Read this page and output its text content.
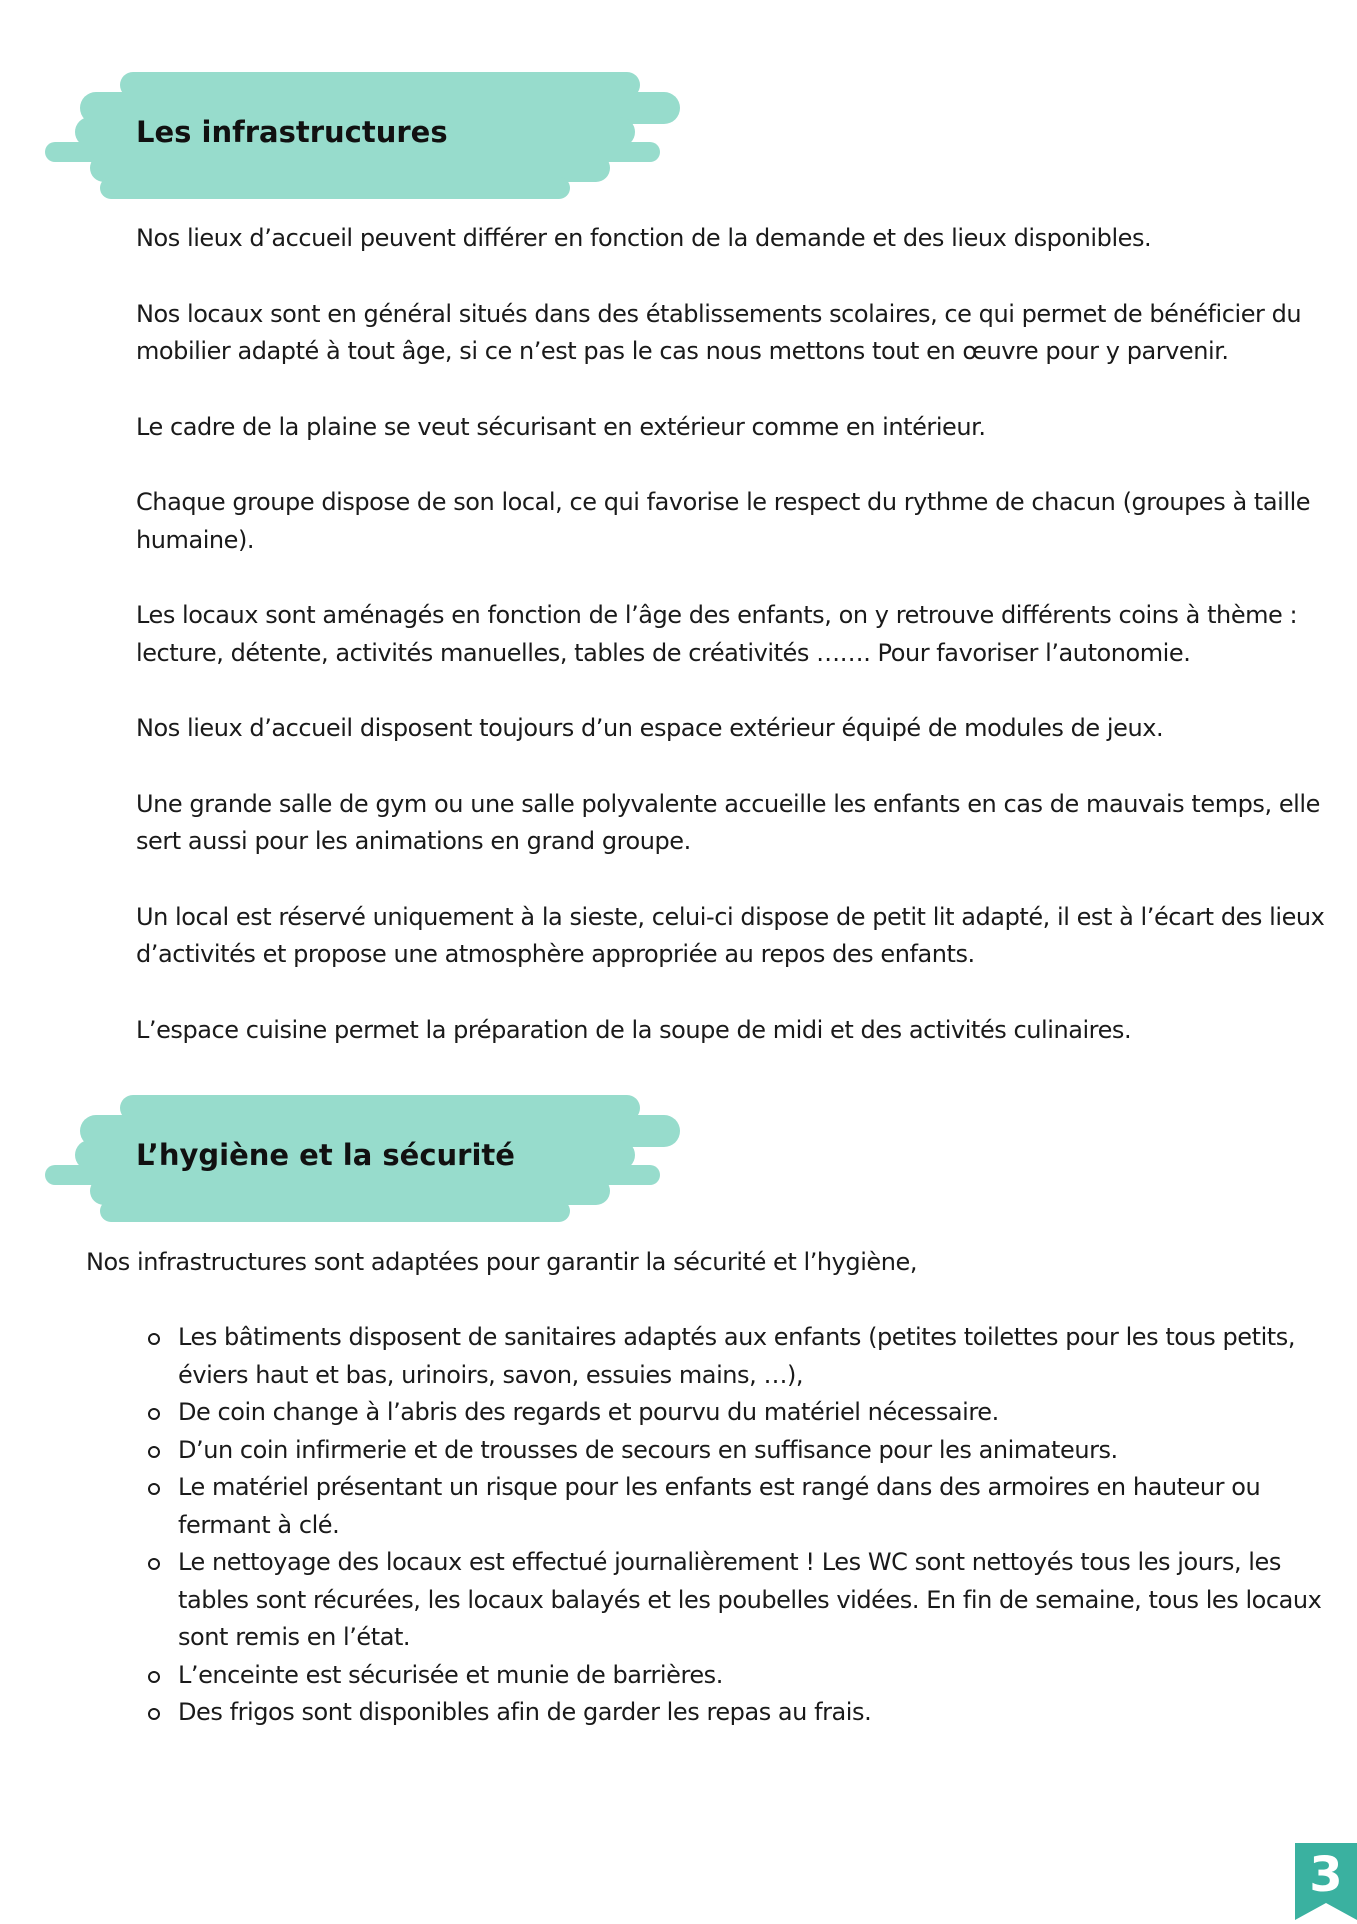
Les infrastructures

Nos lieux d’accueil peuvent différer en fonction de la demande et des lieux disponibles.

Nos locaux sont en général situés dans des établissements scolaires, ce qui permet de bénéficier du mobilier adapté à tout âge, si ce n’est pas le cas nous mettons tout en œuvre pour y parvenir.

Le cadre de la plaine se veut sécurisant en extérieur comme en intérieur.

Chaque groupe dispose de son local, ce qui favorise le respect du rythme de chacun (groupes à taille humaine).

Les locaux sont aménagés en fonction de l’âge des enfants, on y retrouve différents coins à thème : lecture, détente, activités manuelles, tables de créativités ……. Pour favoriser l’autonomie.

Nos lieux d’accueil disposent toujours d’un espace extérieur équipé de modules de jeux.

Une grande salle de gym ou une salle polyvalente accueille les enfants en cas de mauvais temps, elle sert aussi pour les animations en grand groupe.

Un local est réservé uniquement à la sieste, celui-ci dispose de petit lit adapté, il est à l’écart des lieux d’activités et propose une atmosphère appropriée au repos des enfants.

L’espace cuisine permet la préparation de la soupe de midi et des activités culinaires.

L’hygiène et la sécurité

Nos infrastructures sont adaptées pour garantir la sécurité et l’hygiène,

Les bâtiments disposent de sanitaires adaptés aux enfants (petites toilettes pour les tous petits, éviers haut et bas, urinoirs, savon, essuies mains, …),
De coin change à l’abris des regards et pourvu du matériel nécessaire.
D’un coin infirmerie et de trousses de secours en suffisance pour les animateurs.
Le matériel présentant un risque pour les enfants est rangé dans des armoires en hauteur ou fermant à clé.
Le nettoyage des locaux est effectué journalièrement ! Les WC sont nettoyés tous les jours, les tables sont récurées, les locaux balayés et les poubelles vidées. En fin de semaine, tous les locaux sont remis en l’état.
L’enceinte est sécurisée et munie de barrières.
Des frigos sont disponibles afin de garder les repas au frais.
3
